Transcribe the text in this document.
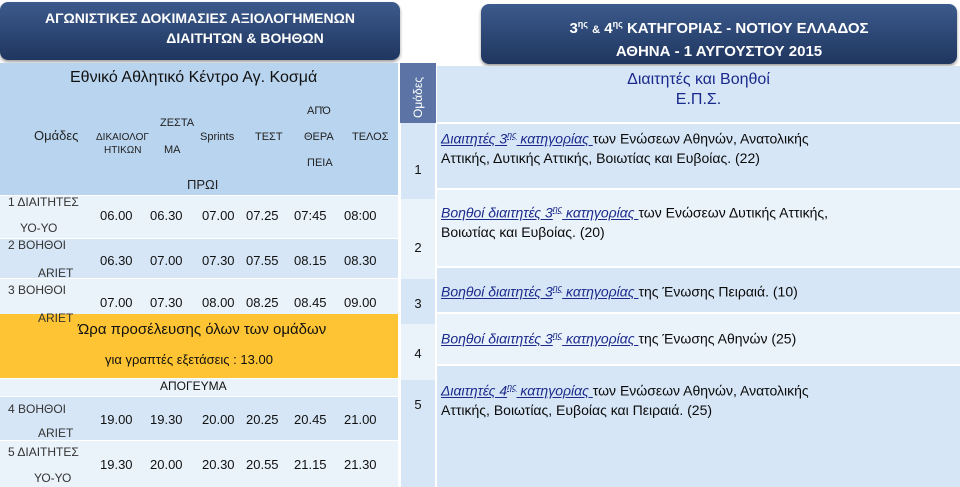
ΑΓΩΝΙΣΤΙΚΕΣ ΔΟΚΙΜΑΣΙΕΣ ΑΞΙΟΛΟΓΗΜΕΝΩΝ
ΔΙΑΙΤΗΤΩΝ & ΒΟΗΘΩΝ
$3^{\eta\varsigma}$ & $4^{\eta\varsigma}$ ΚΑΤΗΓΟΡΙΑΣ - ΝΟΤΙΟΥ ΕΛΛΑΔΟΣ
ΑΘΗΝΑ - 1 ΑΥΓΟΥΣΤΟΥ 2015
Εθνικό Αθλητικό Κέντρο Αγ. Κοσμά
Ομάδες ΔΙΚΑΙΟΛΟΓ
ΗΤΙΚΩΝ
ΖΕΣΤΑ
ΜΑ
Sprints ΤΕΣΤ
ΑΠΌ
ΘΕΡΑ
ΠΕΙΑ
ΤΕΛΟΣ
ΠΡΩΙ
Ώρα προσέλευσης όλων των ομάδων
για γραπτές εξετάσεις : 13.00
ΑΠΟΓΕΥΜΑ
1 ΔΙΑΙΤΗΤΕΣ
ΥΟ-ΥΟ
2 ΒΟΗΘΟΙ
ARIET
3 ΒΟΗΘΟΙ
ARIET
4 ΒΟΗΘΟΙ
ARIET
5 ΔΙΑΙΤΗΤΕΣ
ΥΟ-ΥΟ
06.00 06.30 07.00 07.25 07:45 08:00
06.30 07.00 07.30 07.55 08.15 08.30
07.00 07.30 08.00 08.25 08.45 09.00
19.00 19.30 20.00 20.25 20.45 21.00
19.30 20.00 20.30 20.55 21.15 21.30
Ομάδες
1
2
3
4
5
Διαιτητές και Βοηθοί
Ε.Π.Σ.
Διαιτητές $3^{\eta\varsigma}$ κατηγορίας των Ενώσεων Αθηνών, Ανατολικής
Αττικής, Δυτικής Αττικής, Βοιωτίας και Ευβοίας. (22)
Βοηθοί διαιτητές $3^{\eta\varsigma}$ κατηγορίας των Ενώσεων Δυτικής Αττικής,
Βοιωτίας και Ευβοίας. (20)
Βοηθοί διαιτητές $3^{\eta\varsigma}$ κατηγορίας της Ένωσης Πειραιά. (10)
Βοηθοί διαιτητές $3^{\eta\varsigma}$ κατηγορίας της Ένωσης Αθηνών (25)
Διαιτητές $4^{\eta\varsigma}$ κατηγορίας των Ενώσεων Αθηνών, Ανατολικής
Αττικής, Βοιωτίας, Ευβοίας και Πειραιά. (25)
